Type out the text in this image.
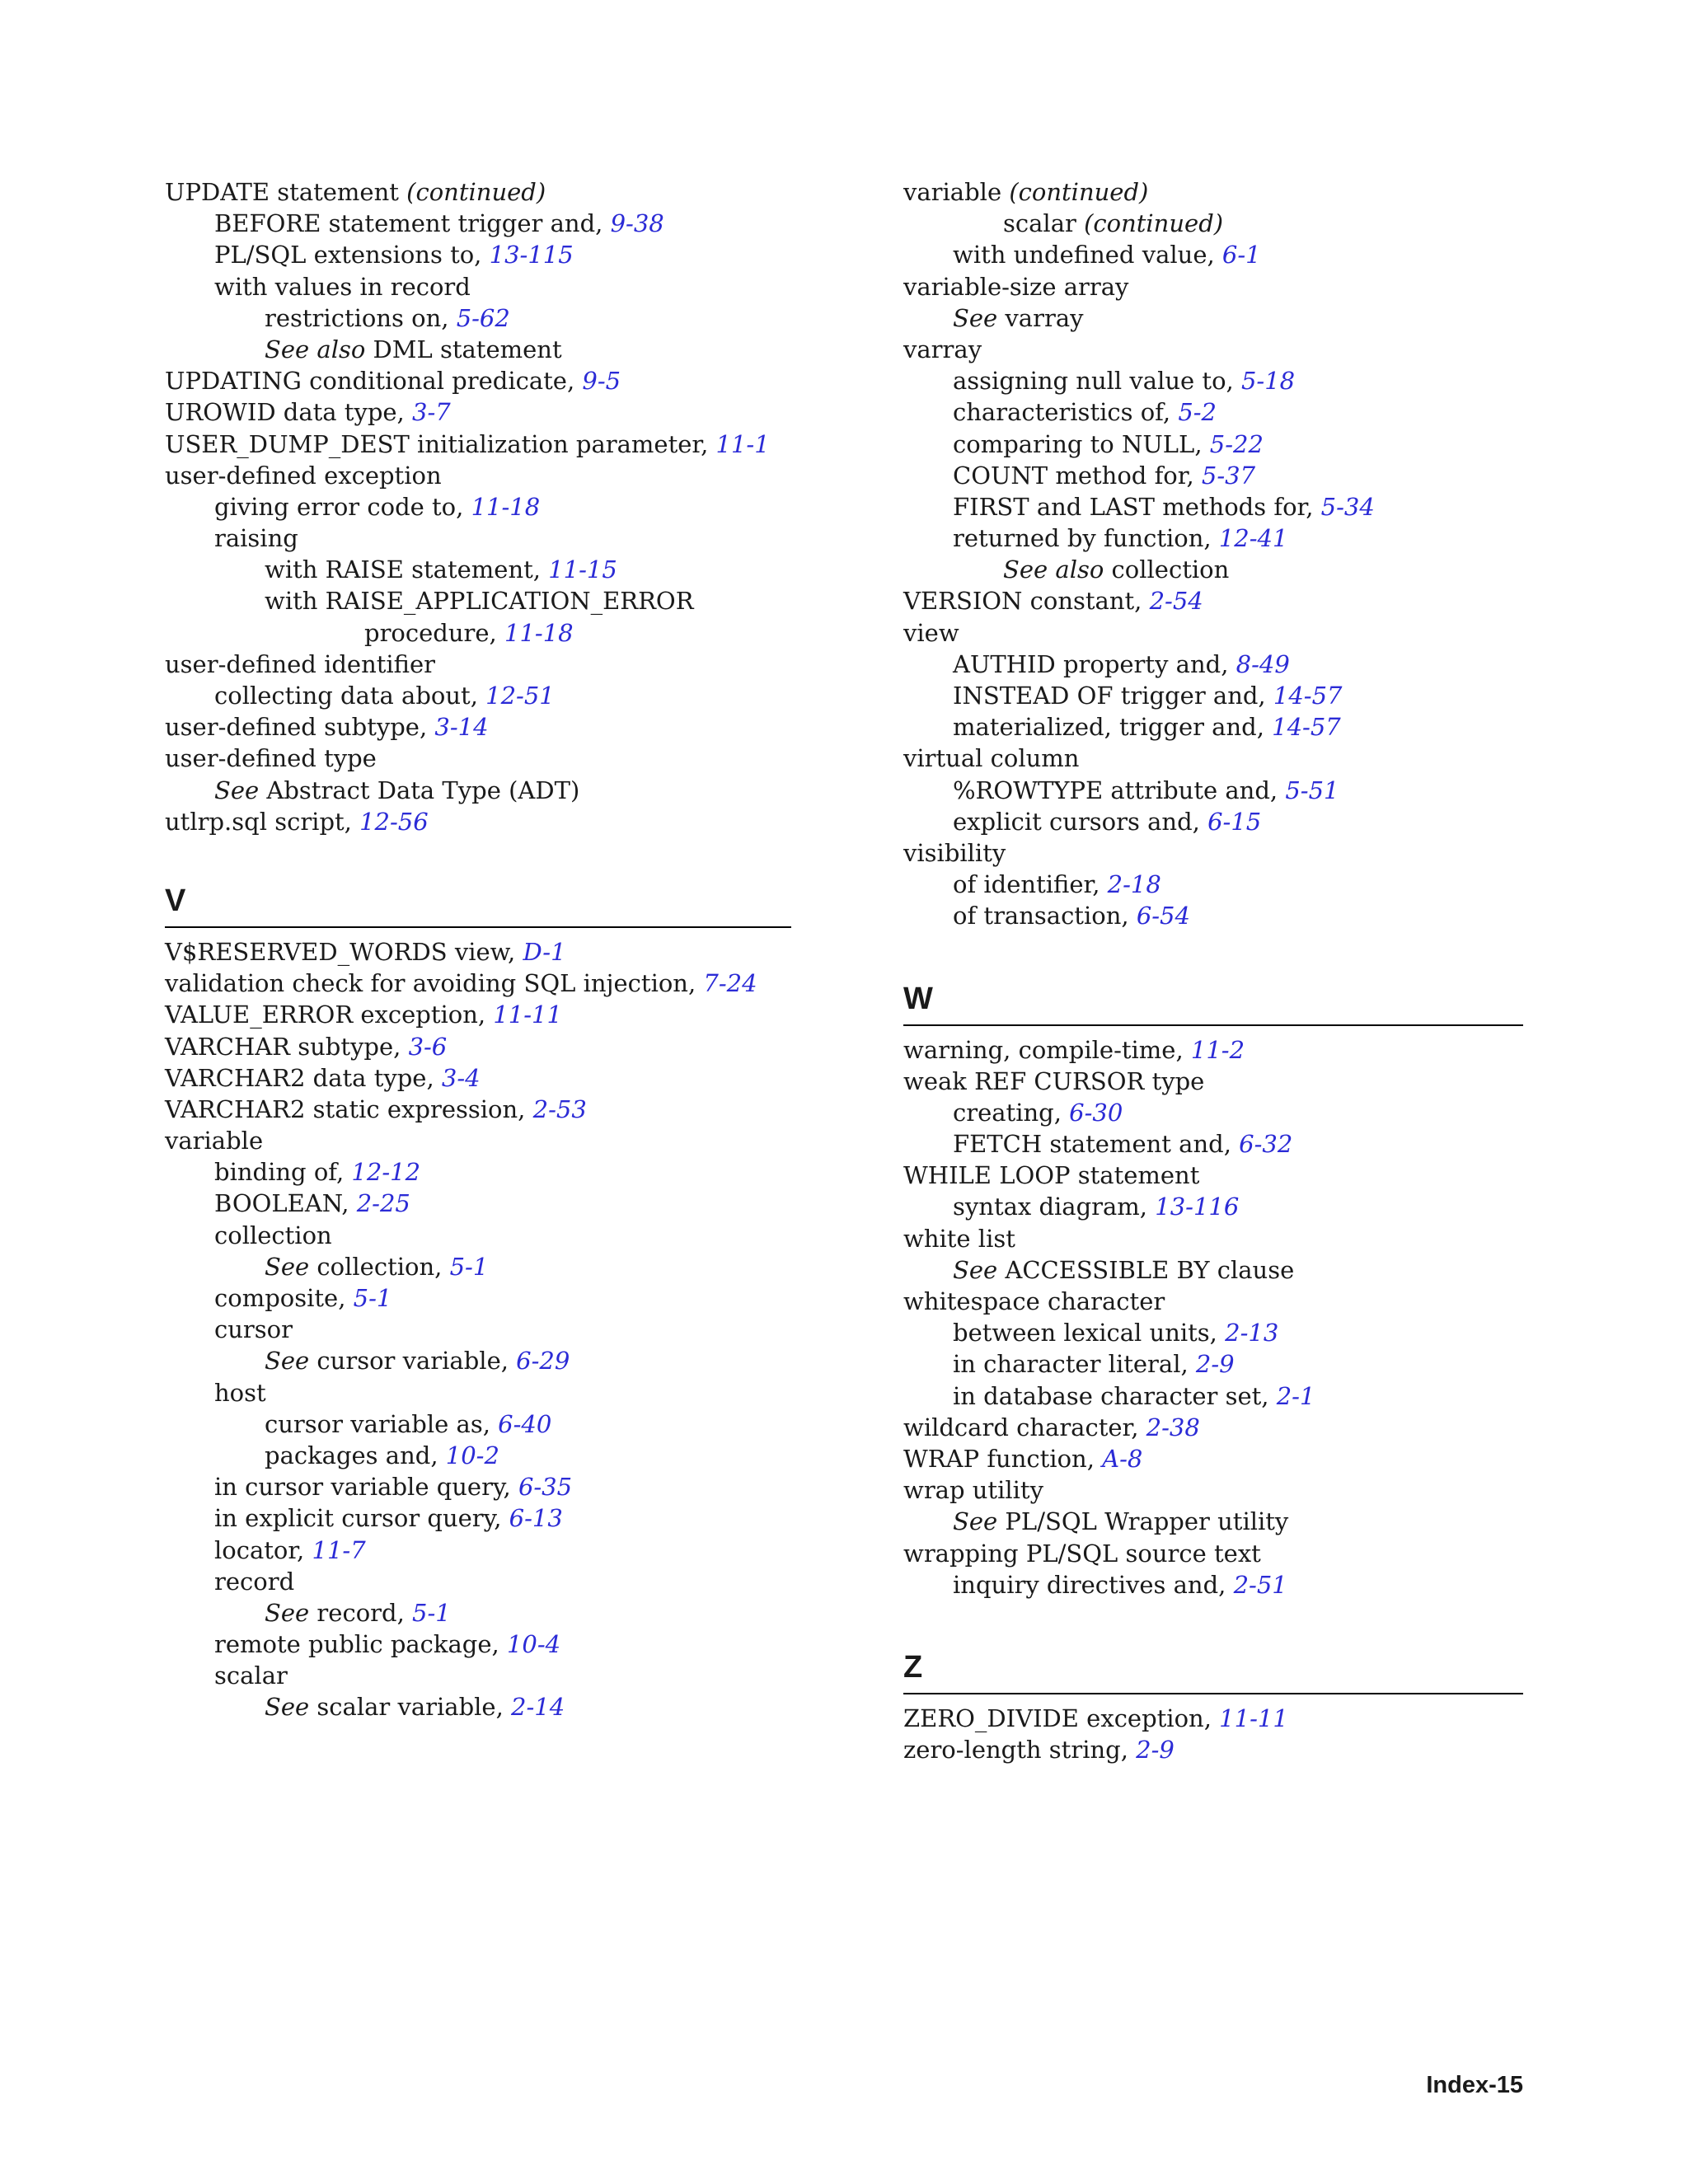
UPDATE statement (continued)
BEFORE statement trigger and, 9-38
PL/SQL extensions to, 13-115
with values in record
restrictions on, 5-62
See also DML statement
UPDATING conditional predicate, 9-5
UROWID data type, 3-7
USER_DUMP_DEST initialization parameter, 11-1
user-defined exception
giving error code to, 11-18
raising
with RAISE statement, 11-15
with RAISE_APPLICATION_ERROR
procedure, 11-18
user-defined identifier
collecting data about, 12-51
user-defined subtype, 3-14
user-defined type
See Abstract Data Type (ADT)
utlrp.sql script, 12-56
V
V$RESERVED_WORDS view, D-1
validation check for avoiding SQL injection, 7-24
VALUE_ERROR exception, 11-11
VARCHAR subtype, 3-6
VARCHAR2 data type, 3-4
VARCHAR2 static expression, 2-53
variable
binding of, 12-12
BOOLEAN, 2-25
collection
See collection, 5-1
composite, 5-1
cursor
See cursor variable, 6-29
host
cursor variable as, 6-40
packages and, 10-2
in cursor variable query, 6-35
in explicit cursor query, 6-13
locator, 11-7
record
See record, 5-1
remote public package, 10-4
scalar
See scalar variable, 2-14
variable (continued)
scalar (continued)
with undefined value, 6-1
variable-size array
See varray
varray
assigning null value to, 5-18
characteristics of, 5-2
comparing to NULL, 5-22
COUNT method for, 5-37
FIRST and LAST methods for, 5-34
returned by function, 12-41
See also collection
VERSION constant, 2-54
view
AUTHID property and, 8-49
INSTEAD OF trigger and, 14-57
materialized, trigger and, 14-57
virtual column
%ROWTYPE attribute and, 5-51
explicit cursors and, 6-15
visibility
of identifier, 2-18
of transaction, 6-54
W
warning, compile-time, 11-2
weak REF CURSOR type
creating, 6-30
FETCH statement and, 6-32
WHILE LOOP statement
syntax diagram, 13-116
white list
See ACCESSIBLE BY clause
whitespace character
between lexical units, 2-13
in character literal, 2-9
in database character set, 2-1
wildcard character, 2-38
WRAP function, A-8
wrap utility
See PL/SQL Wrapper utility
wrapping PL/SQL source text
inquiry directives and, 2-51
Z
ZERO_DIVIDE exception, 11-11
zero-length string, 2-9
Index-15
